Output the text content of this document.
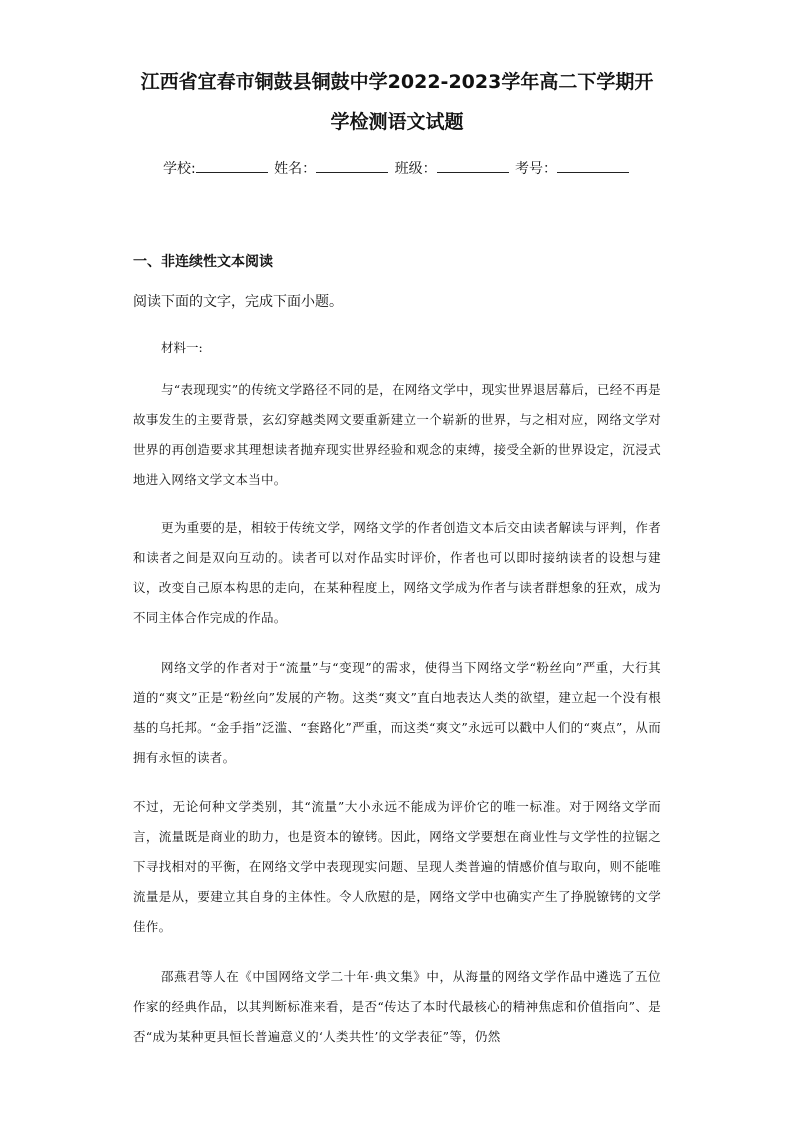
江西省宜春市铜鼓县铜鼓中学2022-2023学年高二下学期开
学检测语文试题
学校:	姓名：	班级：	考号：
一、非连续性文本阅读
阅读下面的文字，完成下面小题。
材料一:

与“表现现实”的传统文学路径不同的是，在网络文学中，现实世界退居幕后，已经不再是故事发生的主要背景，玄幻穿越类网文要重新建立一个崭新的世界，与之相对应，网络文学对世界的再创造要求其理想读者抛弃现实世界经验和观念的束缚，接受全新的世界设定，沉浸式地进入网络文学文本当中。

更为重要的是，相较于传统文学，网络文学的作者创造文本后交由读者解读与评判，作者和读者之间是双向互动的。读者可以对作品实时评价，作者也可以即时接纳读者的设想与建议，改变自己原本构思的走向，在某种程度上，网络文学成为作者与读者群想象的狂欢，成为不同主体合作完成的作品。

网络文学的作者对于“流量”与“变现”的需求，使得当下网络文学“粉丝向”严重，大行其道的“爽文”正是“粉丝向”发展的产物。这类“爽文”直白地表达人类的欲望，建立起一个没有根基的乌托邦。“金手指”泛滥、“套路化”严重，而这类“爽文”永远可以戳中人们的“爽点”，从而拥有永恒的读者。

不过，无论何种文学类别，其“流量”大小永远不能成为评价它的唯一标准。对于网络文学而言，流量既是商业的助力，也是资本的镣铐。因此，网络文学要想在商业性与文学性的拉锯之下寻找相对的平衡，在网络文学中表现现实问题、呈现人类普遍的情感价值与取向，则不能唯流量是从，要建立其自身的主体性。令人欣慰的是，网络文学中也确实产生了挣脱镣铐的文学佳作。

邵燕君等人在《中国网络文学二十年·典文集》中，从海量的网络文学作品中遴选了五位作家的经典作品，以其判断标准来看，是否“传达了本时代最核心的精神焦虑和价值指向”、是否“成为某种更具恒长普遍意义的‘人类共性’的文学表征”等，仍然
